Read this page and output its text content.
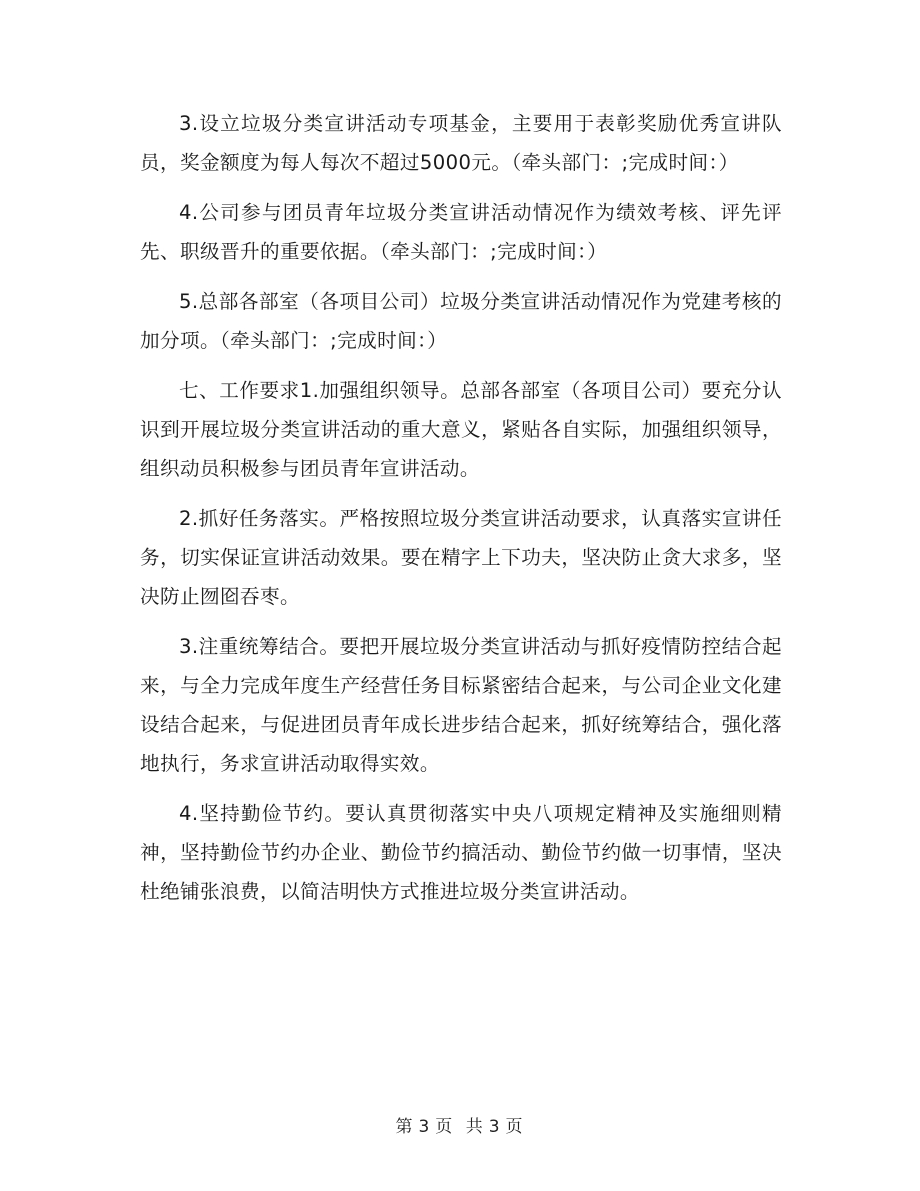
3.设立垃圾分类宣讲活动专项基金，主要用于表彰奖励优秀宣讲队员，奖金额度为每人每次不超过5000元。（牵头部门：;完成时间：）

4.公司参与团员青年垃圾分类宣讲活动情况作为绩效考核、评先评先、职级晋升的重要依据。（牵头部门：;完成时间：）

5.总部各部室（各项目公司）垃圾分类宣讲活动情况作为党建考核的加分项。（牵头部门：;完成时间：）

七、工作要求1.加强组织领导。总部各部室（各项目公司）要充分认识到开展垃圾分类宣讲活动的重大意义，紧贴各自实际，加强组织领导，组织动员积极参与团员青年宣讲活动。

2.抓好任务落实。严格按照垃圾分类宣讲活动要求，认真落实宣讲任务，切实保证宣讲活动效果。要在精字上下功夫，坚决防止贪大求多，坚决防止囫囵吞枣。

3.注重统筹结合。要把开展垃圾分类宣讲活动与抓好疫情防控结合起来，与全力完成年度生产经营任务目标紧密结合起来，与公司企业文化建设结合起来，与促进团员青年成长进步结合起来，抓好统筹结合，强化落地执行，务求宣讲活动取得实效。

4.坚持勤俭节约。要认真贯彻落实中央八项规定精神及实施细则精神，坚持勤俭节约办企业、勤俭节约搞活动、勤俭节约做一切事情，坚决杜绝铺张浪费，以简洁明快方式推进垃圾分类宣讲活动。

第 3 页 共 3 页
